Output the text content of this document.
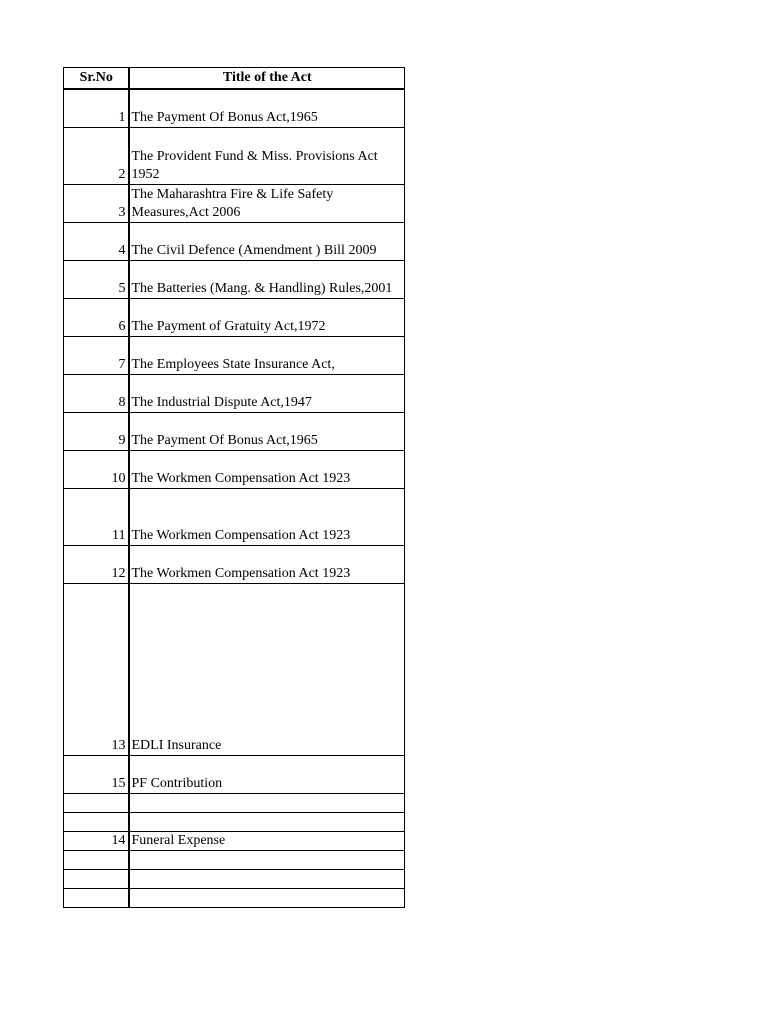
Sr.No	Title of the Act
1	The Payment Of Bonus Act,1965
2	The Provident Fund & Miss. Provisions Act 1952
3	The Maharashtra Fire & Life Safety Measures,Act 2006
4	The Civil Defence (Amendment ) Bill 2009
5	The Batteries (Mang. & Handling) Rules,2001
6	The Payment of Gratuity Act,1972
7	The Employees State Insurance Act,
8	The Industrial Dispute Act,1947
9	The Payment Of Bonus Act,1965
10	The Workmen Compensation Act 1923
11	The Workmen Compensation Act 1923
12	The Workmen Compensation Act 1923
13	EDLI Insurance
15	PF Contribution

14	Funeral Expense
